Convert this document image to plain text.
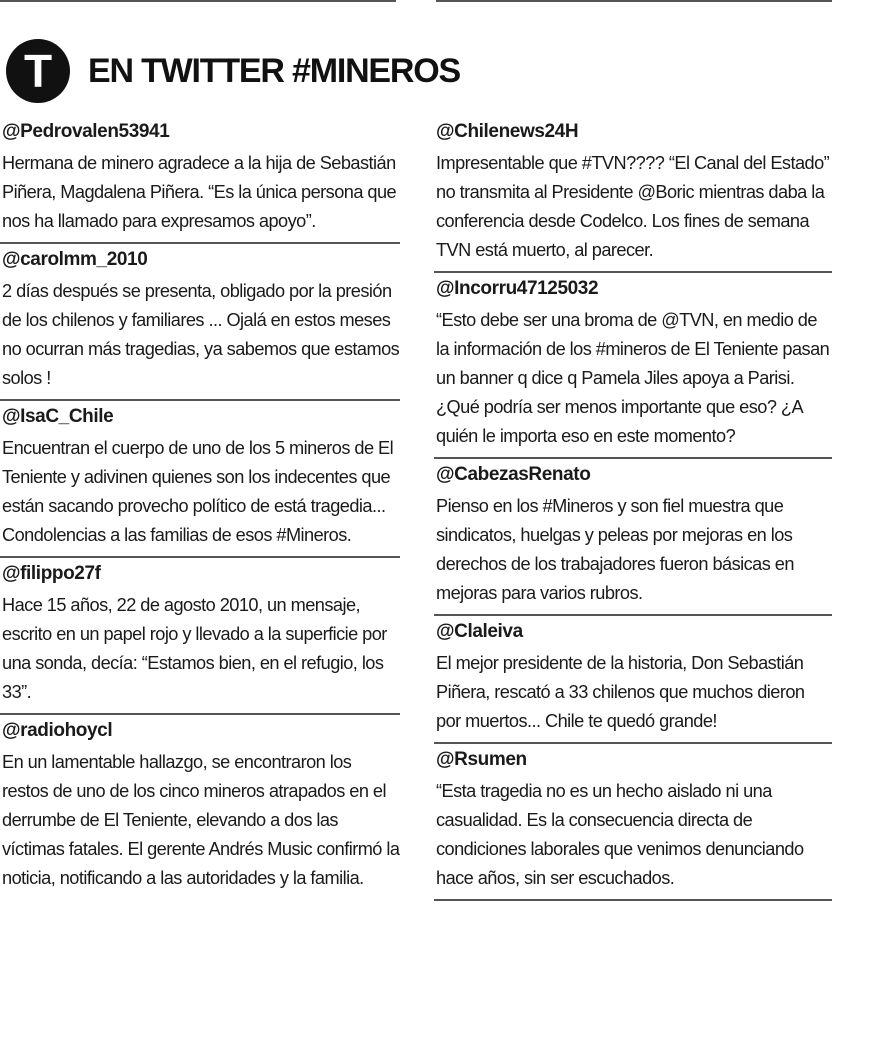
T	EN TWITTER #MINEROS
@Pedrovalen53941
Hermana de minero agradece a la hija de Sebastián Piñera, Magdalena Piñera. “Es la única persona que nos ha llamado para expresamos apoyo”.
@carolmm_2010
2 días después se presenta, obligado por la presión de los chilenos y familiares ... Ojalá en estos meses no ocurran más tragedias, ya sabemos que estamos solos !
@IsaC_Chile
Encuentran el cuerpo de uno de los 5 mineros de El Teniente y adivinen quienes son los indecentes que están sacando provecho político de está tragedia... Condolencias a las familias de esos #Mineros.
@filippo27f
Hace 15 años, 22 de agosto 2010, un mensaje, escrito en un papel rojo y llevado a la superficie por una sonda, decía: “Estamos bien, en el refugio, los 33”.
@radiohoycl
En un lamentable hallazgo, se encontraron los restos de uno de los cinco mineros atrapados en el derrumbe de El Teniente, elevando a dos las víctimas fatales. El gerente Andrés Music confirmó la noticia, notificando a las autoridades y la familia.
@Chilenews24H
Impresentable que #TVN???? “El Canal del Estado” no transmita al Presidente @Boric mientras daba la conferencia desde Codelco. Los fines de semana TVN está muerto, al parecer.
@Incorru47125032
“Esto debe ser una broma de @TVN, en medio de la información de los #mineros de El Teniente pasan un banner q dice q Pamela Jiles apoya a Parisi. ¿Qué podría ser menos importante que eso? ¿A quién le importa eso en este momento?
@CabezasRenato
Pienso en los #Mineros y son fiel muestra que sindicatos, huelgas y peleas por mejoras en los derechos de los trabajadores fueron básicas en mejoras para varios rubros.
@Claleiva
El mejor presidente de la historia, Don Sebastián Piñera, rescató a 33 chilenos que muchos dieron por muertos... Chile te quedó grande!
@Rsumen
“Esta tragedia no es un hecho aislado ni una casualidad. Es la consecuencia directa de condiciones laborales que venimos denunciando hace años, sin ser escuchados.
